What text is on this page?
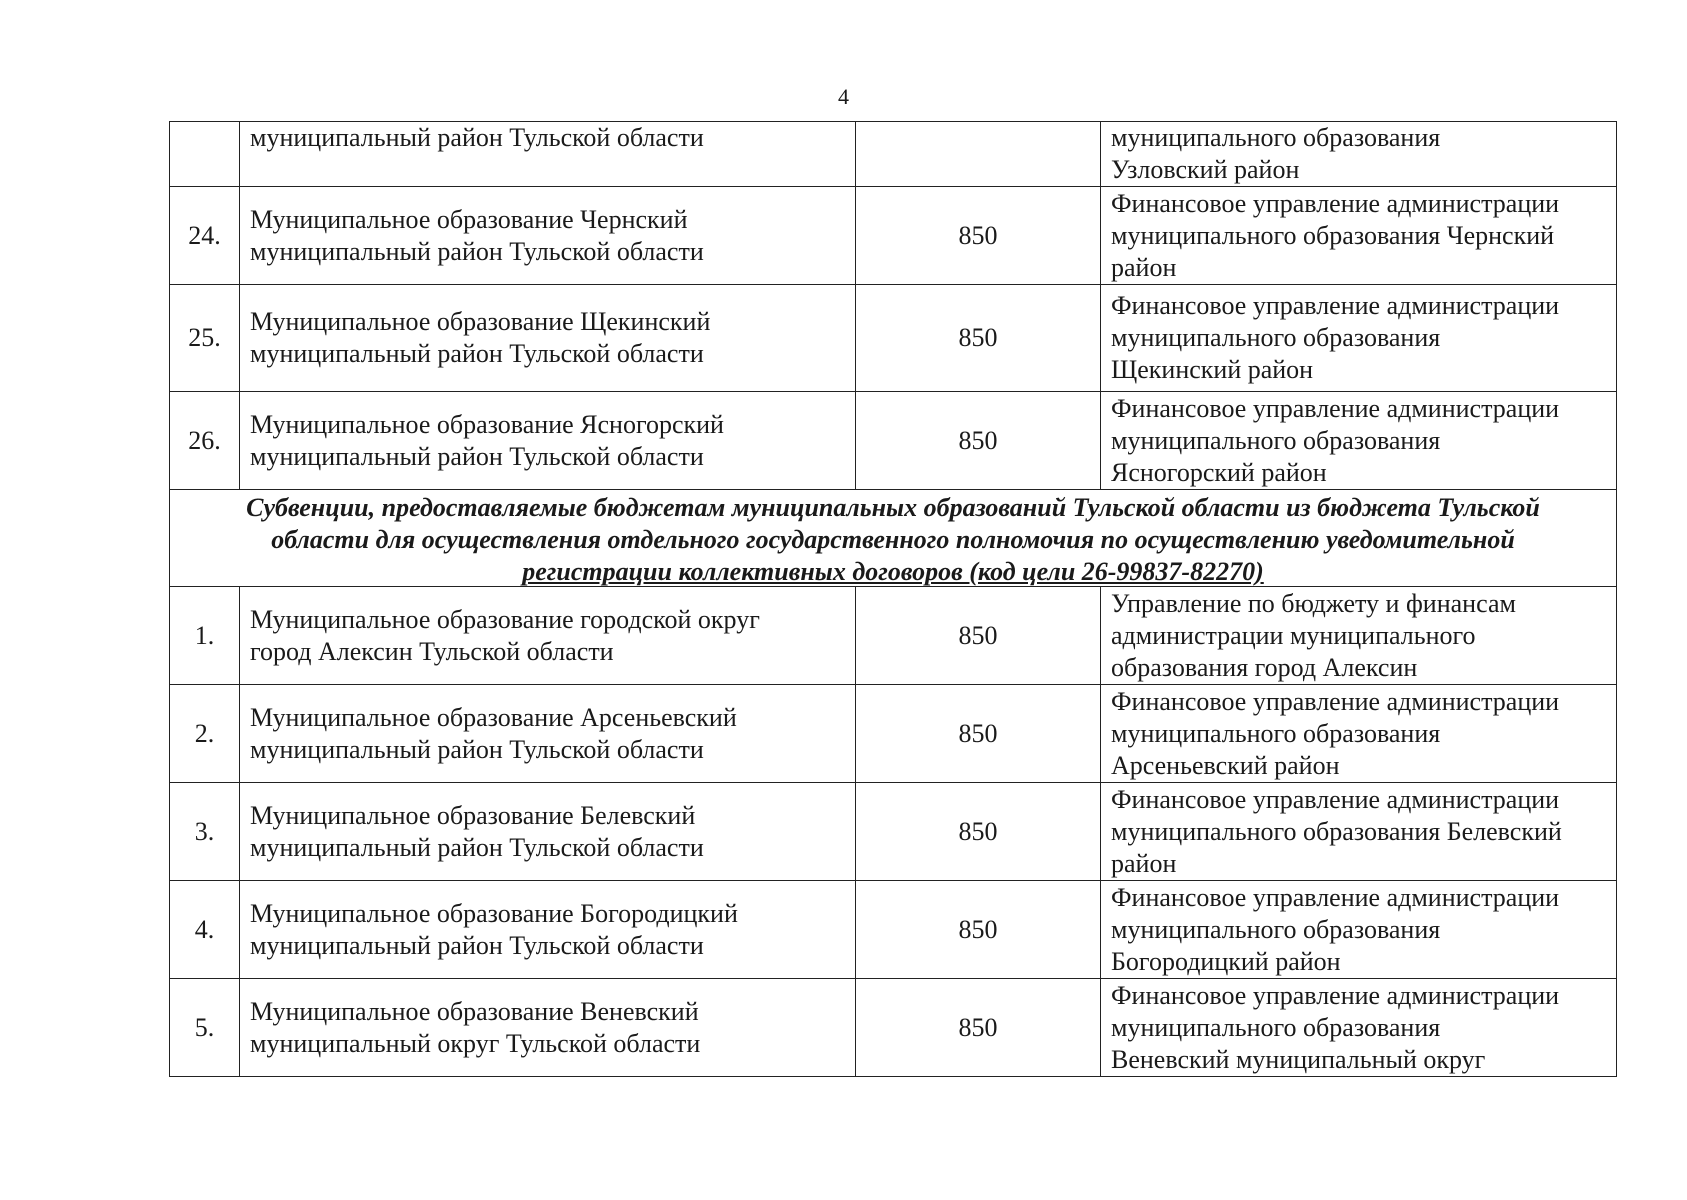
4
муниципальный район Тульской области	муниципального образования
Узловский район
24.
Муниципальное образование Чернский
муниципальный район Тульской области
850
Финансовое управление администрации
муниципального образования Чернский
район
25.
Муниципальное образование Щекинский
муниципальный район Тульской области
850
Финансовое управление администрации
муниципального образования
Щекинский район
26.
Муниципальное образование Ясногорский
муниципальный район Тульской области
850
Финансовое управление администрации
муниципального образования
Ясногорский район
Субвенции, предоставляемые бюджетам муниципальных образований Тульской области из бюджета Тульской
области для осуществления отдельного государственного полномочия по осуществлению уведомительной
регистрации коллективных договоров (код цели 26-99837-82270)
1.
Муниципальное образование городской округ
город Алексин Тульской области
850
Управление по бюджету и финансам
администрации муниципального
образования город Алексин
2.
Муниципальное образование Арсеньевский
муниципальный район Тульской области
850
Финансовое управление администрации
муниципального образования
Арсеньевский район
3.
Муниципальное образование Белевский
муниципальный район Тульской области
850
Финансовое управление администрации
муниципального образования Белевский
район
4.
Муниципальное образование Богородицкий
муниципальный район Тульской области
850
Финансовое управление администрации
муниципального образования
Богородицкий район
5.
Муниципальное образование Веневский
муниципальный округ Тульской области
850
Финансовое управление администрации
муниципального образования
Веневский муниципальный округ
